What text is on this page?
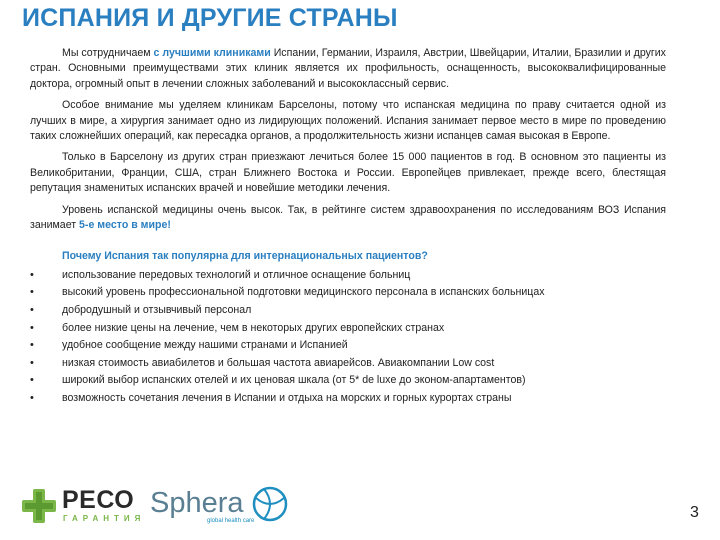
ИСПАНИЯ И ДРУГИЕ СТРАНЫ

Мы сотрудничаем с лучшими клиниками Испании, Германии, Израиля, Австрии, Швейцарии, Италии, Бразилии и других стран. Основными преимуществами этих клиник является их профильность, оснащенность, высококвалифицированные доктора, огромный опыт в лечении сложных заболеваний и высококлассный сервис.

Особое внимание мы уделяем клиникам Барселоны, потому что испанская медицина по праву считается одной из лучших в мире, а хирургия занимает одно из лидирующих положений. Испания занимает первое место в мире по проведению таких сложнейших операций, как пересадка органов, а продолжительность жизни испанцев самая высокая в Европе.

Только в Барселону из других стран приезжают лечиться более 15 000 пациентов в год. В основном это пациенты из Великобритании, Франции, США, стран Ближнего Востока и России. Европейцев привлекает, прежде всего, блестящая репутация знаменитых испанских врачей и новейшие методики лечения.

Уровень испанской медицины очень высок. Так, в рейтинге систем здравоохранения по исследованиям ВОЗ Испания занимает 5-е место в мире!

Почему Испания так популярна для интернациональных пациентов?
•	использование передовых технологий и отличное оснащение больниц
•	высокий уровень профессиональной подготовки медицинского персонала в испанских больницах
•	добродушный и отзывчивый персонал
•	более низкие цены на лечение, чем в некоторых других европейских странах
•	удобное сообщение между нашими странами и Испанией
•	низкая стоимость авиабилетов и большая частота авиарейсов. Авиакомпании Low cost
•	широкий выбор испанских отелей и их ценовая шкала (от 5* de luxe до эконом-апартаментов)
•	возможность сочетания лечения в Испании и отдыха на морских и горных курортах страны
РЕСО
ГАРАНТИЯ Sphera
global health care	3
